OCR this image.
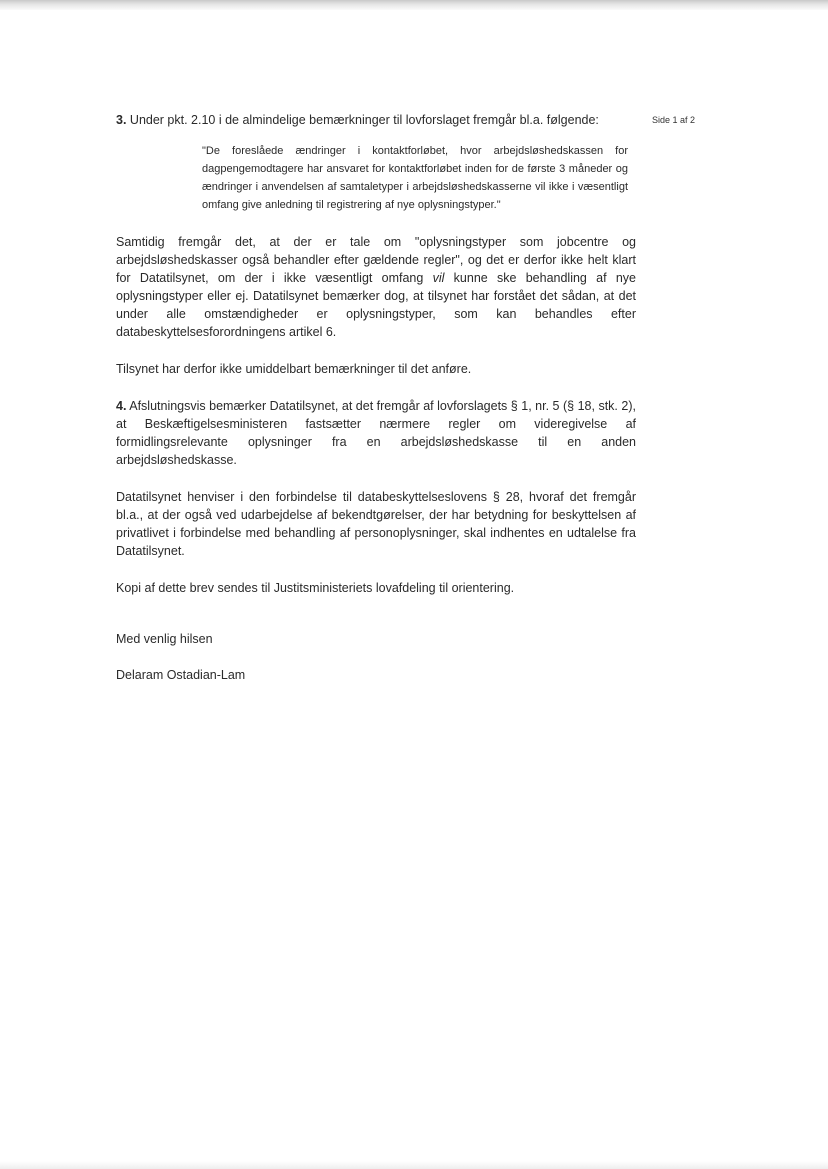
Side 1 af 2

3. Under pkt. 2.10 i de almindelige bemærkninger til lovforslaget fremgår bl.a. følgende:

"De foreslåede ændringer i kontaktforløbet, hvor arbejdsløshedskassen for dagpengemodtagere har ansvaret for kontaktforløbet inden for de første 3 måneder og ændringer i anvendelsen af samtaletyper i arbejdsløshedskasserne vil ikke i væsentligt omfang give anledning til registrering af nye oplysningstyper."

Samtidig fremgår det, at der er tale om "oplysningstyper som jobcentre og arbejdsløshedskasser også behandler efter gældende regler", og det er derfor ikke helt klart for Datatilsynet, om der i ikke væsentligt omfang vil kunne ske behandling af nye oplysningstyper eller ej. Datatilsynet bemærker dog, at tilsynet har forstået det sådan, at det under alle omstændigheder er oplysningstyper, som kan behandles efter databeskyttelsesforordningens artikel 6.

Tilsynet har derfor ikke umiddelbart bemærkninger til det anføre.

4. Afslutningsvis bemærker Datatilsynet, at det fremgår af lovforslagets § 1, nr. 5 (§ 18, stk. 2), at Beskæftigelsesministeren fastsætter nærmere regler om videregivelse af formidlingsrelevante oplysninger fra en arbejdsløshedskasse til en anden arbejdsløshedskasse.

Datatilsynet henviser i den forbindelse til databeskyttelseslovens § 28, hvoraf det fremgår bl.a., at der også ved udarbejdelse af bekendtgørelser, der har betydning for beskyttelsen af privatlivet i forbindelse med behandling af personoplysninger, skal indhentes en udtalelse fra Datatilsynet.

Kopi af dette brev sendes til Justitsministeriets lovafdeling til orientering.

Med venlig hilsen

Delaram Ostadian-Lam
